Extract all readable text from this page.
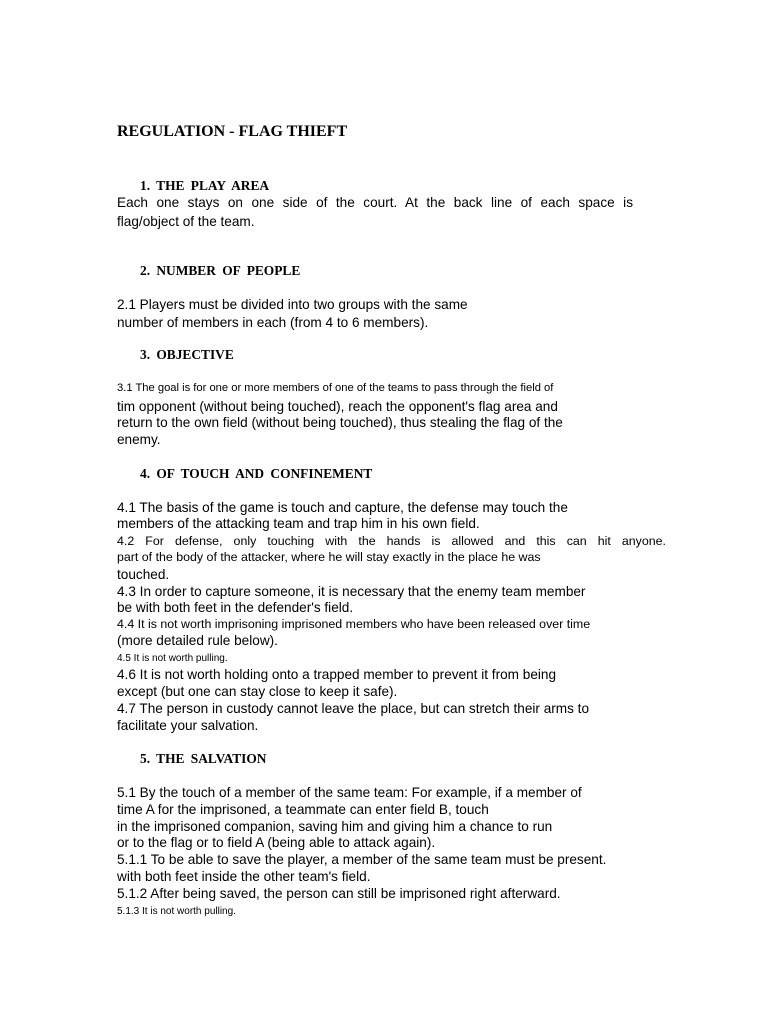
REGULATION - FLAG THIEFT
1. THE PLAY AREA
Each one stays on one side of the court. At the back line of each space is
flag/object of the team.
2. NUMBER OF PEOPLE
2.1 Players must be divided into two groups with the same
number of members in each (from 4 to 6 members).
3. OBJECTIVE
3.1 The goal is for one or more members of one of the teams to pass through the field of
tim opponent (without being touched), reach the opponent's flag area and
return to the own field (without being touched), thus stealing the flag of the
enemy.
4. OF TOUCH AND CONFINEMENT
4.1 The basis of the game is touch and capture, the defense may touch the
members of the attacking team and trap him in his own field.
4.2 For defense, only touching with the hands is allowed and this can hit anyone.
part of the body of the attacker, where he will stay exactly in the place he was
touched.
4.3 In order to capture someone, it is necessary that the enemy team member
be with both feet in the defender's field.
4.4 It is not worth imprisoning imprisoned members who have been released over time
(more detailed rule below).
4.5 It is not worth pulling.
4.6 It is not worth holding onto a trapped member to prevent it from being
except (but one can stay close to keep it safe).
4.7 The person in custody cannot leave the place, but can stretch their arms to
facilitate your salvation.
5. THE SALVATION
5.1 By the touch of a member of the same team: For example, if a member of
time A for the imprisoned, a teammate can enter field B, touch
in the imprisoned companion, saving him and giving him a chance to run
or to the flag or to field A (being able to attack again).
5.1.1 To be able to save the player, a member of the same team must be present.
with both feet inside the other team's field.
5.1.2 After being saved, the person can still be imprisoned right afterward.
5.1.3 It is not worth pulling.
